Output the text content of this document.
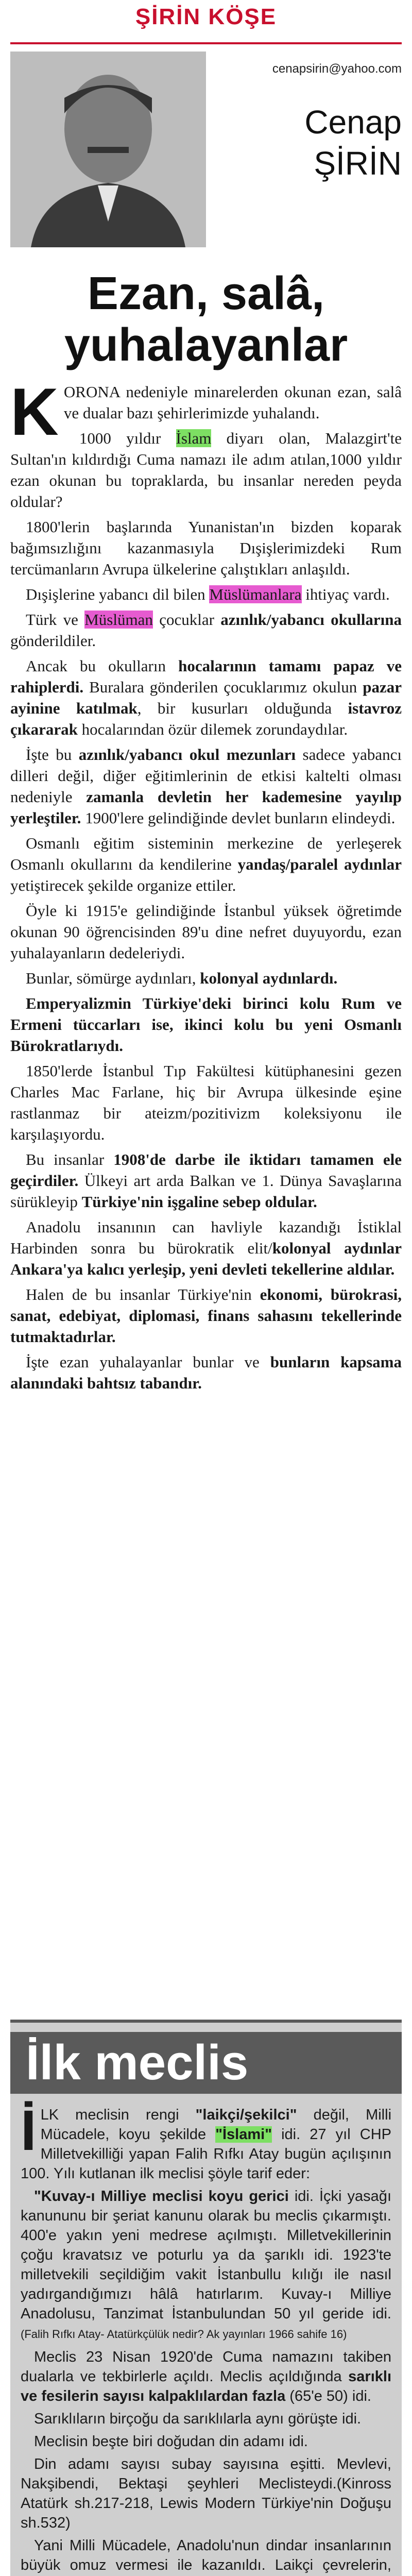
ŞİRİN KÖŞE
cenapsirin@yahoo.com
Cenap
ŞİRİN
Ezan, salâ, yuhalayanlar

KORONA nedeniyle minarelerden okunan ezan, salâ ve dualar bazı şehirlerimizde yuhalandı.

1000 yıldır İslam diyarı olan, Malazgirt'te Sultan'ın kıldırdığı Cuma namazı ile adım atılan,1000 yıldır ezan okunan bu topraklarda, bu insanlar nereden peyda oldular?

1800'lerin başlarında Yunanistan'ın bizden koparak bağımsızlığını kazanmasıyla Dışişlerimizdeki Rum tercümanların Avrupa ülkelerine çalıştıkları anlaşıldı.

Dışişlerine yabancı dil bilen Müslümanlara ihtiyaç vardı.

Türk ve Müslüman çocuklar azınlık/yabancı okullarına gönderildiler.

Ancak bu okulların hocalarının tamamı papaz ve rahiplerdi. Buralara gönderilen çocuklarımız okulun pazar ayinine katılmak, bir kusurları olduğunda istavroz çıkararak hocalarından özür dilemek zorundaydılar.

İşte bu azınlık/yabancı okul mezunları sadece yabancı dilleri değil, diğer eğitimlerinin de etkisi kaltelti olması nedeniyle zamanla devletin her kademesine yayılıp yerleştiler. 1900'lere gelindiğinde devlet bunların elindeydi.

Osmanlı eğitim sisteminin merkezine de yerleşerek Osmanlı okullarını da kendilerine yandaş/paralel aydınlar yetiştirecek şekilde organize ettiler.

Öyle ki 1915'e gelindiğinde İstanbul yüksek öğretimde okunan 90 öğrencisinden 89'u dine nefret duyuyordu, ezan yuhalayanların dedeleriydi.

Bunlar, sömürge aydınları, kolonyal aydınlardı.

Emperyalizmin Türkiye'deki birinci kolu Rum ve Ermeni tüccarları ise, ikinci kolu bu yeni Osmanlı Bürokratlarıydı.

1850'lerde İstanbul Tıp Fakültesi kütüphanesini gezen Charles Mac Farlane, hiç bir Avrupa ülkesinde eşine rastlanmaz bir ateizm/pozitivizm koleksiyonu ile karşılaşıyordu.

Bu insanlar 1908'de darbe ile iktidarı tamamen ele geçirdiler. Ülkeyi art arda Balkan ve 1. Dünya Savaşlarına sürükleyip Türkiye'nin işgaline sebep oldular.

Anadolu insanının can havliyle kazandığı İstiklal Harbinden sonra bu bürokratik elit/kolonyal aydınlar Ankara'ya kalıcı yerleşip, yeni devleti tekellerine aldılar.

Halen de bu insanlar Türkiye'nin ekonomi, bürokrasi, sanat, edebiyat, diplomasi, finans sahasını tekellerinde tutmaktadırlar.

İşte ezan yuhalayanlar bunlar ve bunların kapsama alanındaki bahtsız tabandır.

İlk meclis

İLK meclisin rengi "laikçi/şekilci" değil, Milli Mücadele, koyu şekilde "İslami" idi. 27 yıl CHP Milletvekilliği yapan Falih Rıfkı Atay bugün açılışının 100. Yılı kutlanan ilk meclisi şöyle tarif eder:

"Kuvay-ı Milliye meclisi koyu gerici idi. İçki yasağı kanununu bir şeriat kanunu olarak bu meclis çıkarmıştı. 400'e yakın yeni medrese açılmıştı. Milletvekillerinin çoğu kravatsız ve poturlu ya da şarıklı idi. 1923'te milletvekili seçildiğim vakit İstanbullu kılığı ile nasıl yadırgandığımızı hâlâ hatırlarım. Kuvay-ı Milliye Anadolusu, Tanzimat İstanbulundan 50 yıl geride idi. (Falih Rıfkı Atay- Atatürkçülük nedir? Ak yayınları 1966 sahife 16)

Meclis 23 Nisan 1920'de Cuma namazını takiben dualarla ve tekbirlerle açıldı. Meclis açıldığında sarıklı ve fesilerin sayısı kalpaklılardan fazla (65'e 50) idi.

Sarıklıların birçoğu da sarıklılarla aynı görüşte idi.

Meclisin beşte biri doğudan din adamı idi.

Din adamı sayısı subay sayısına eşitti. Mevlevi, Nakşibendi, Bektaşi şeyhleri Meclisteydi.(Kinross Atatürk sh.217-218, Lewis Modern Türkiye'nin Doğuşu sh.532)

Yani Milli Mücadele, Anadolu'nun dindar insanlarının büyük omuz vermesi ile kazanıldı. Laikçi çevrelerin,
